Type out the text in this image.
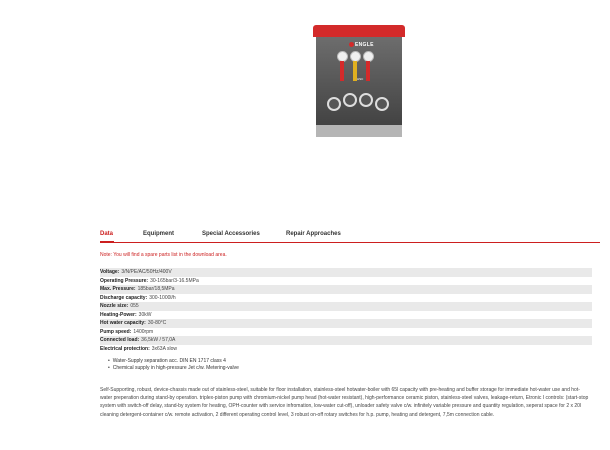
ENGLE
HSC
Data	Equipment	Special Accessories	Repair Approaches
Note: You will find a spare parts list in the download area.
Voltage: 3/N/PE/AC/50Hz/400V
Operating Pressure: 30-165bar/3-16.5MPa
Max. Pressure: 185bar/18,5MPa
Discharge capacity: 300-1000l/h
Nozzle size: 055
Heating-Power: 30kW
Hot water capacity: 30-80°C
Pump speed: 1400rpm
Connected load: 36,5kW / 57,0A
Electrical protection: 3x63A slow
• Water-Supply separation acc. DIN EN 1717 class 4
• Chemical supply in high-pressure Jet c/w. Metering-valve
Self-Supporting, robust, device-chassis made out of stainless-steel, suitable for floor installation, stainless-steel hotwater-boiler with 65l capacity with pre-heating and buffer storage for immediate hot-water use and hot-water preperation during stand-by operation. triplex-piston pump with chromium-nickel pump head (hot-water resistant), high-performance ceramic piston, stainless-steel valves, leakage-return, Etronic I controls: (start-stop system with switch-off delay, stand-by system for heating, OPH-counter with service infromation, low-water cut-off), unloader safety valve c/w. infinitely variable pressure and quantity regulation, seperat space for 2 x 20l cleaning detergent-container c/w. remote activation, 2 different operating control level, 3 robust on-off rotary switches for h.p. pump, heating and detergent, 7,5m connection cable.
